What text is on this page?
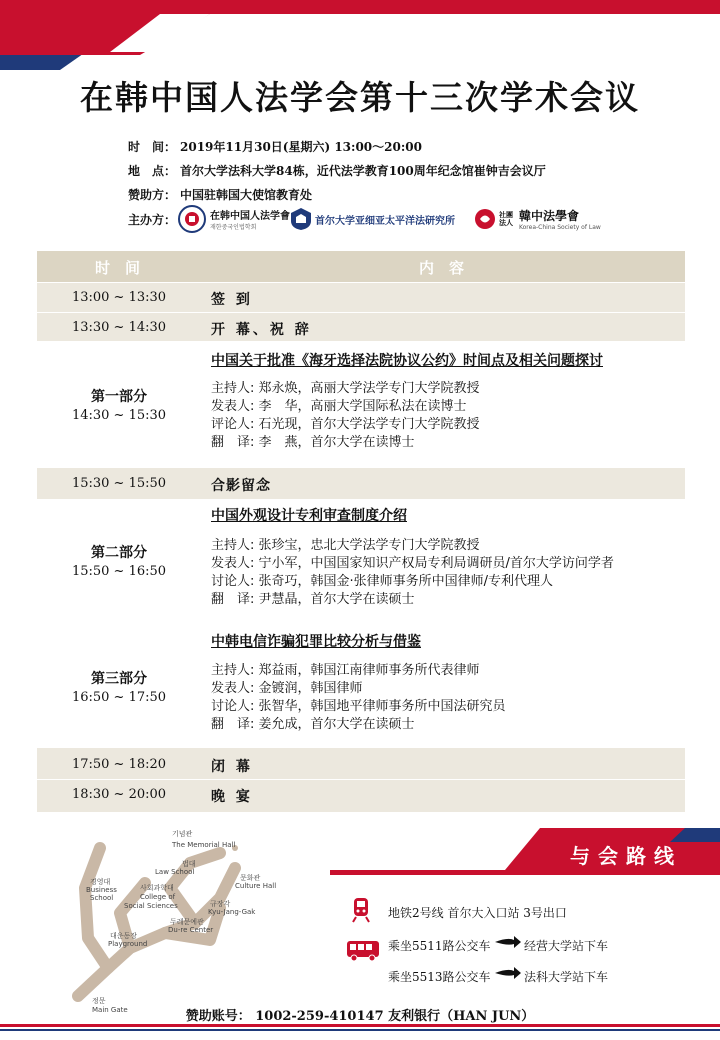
在韩中国人法学会第十三次学术会议
时　间： 2019年11月30日(星期六) 13:00～20:00
地　点： 首尔大学法科大学84栋，近代法学教育100周年纪念馆崔钟吉会议厅
赞助方： 中国驻韩国大使馆教育处
主办方：	在韩中国人法学會
재한중국인법학회
首尔大学亚细亚太平洋法研究所
社團法人 韓中法學會
Korea-China Society of Law
时　间	内　容
13:00 ~ 13:30	签 到
13:30 ~ 14:30	开 幕、祝 辞
中国关于批准《海牙选择法院协议公约》时间点及相关问题探讨
第一部分
14:30 ~ 15:30
主持人: 郑永焕，高丽大学法学专门大学院教授
发表人: 李　华，高丽大学国际私法在读博士
评论人: 石光现，首尔大学法学专门大学院教授
翻　译: 李　燕，首尔大学在读博士
15:30 ~ 15:50	合影留念
中国外观设计专利审查制度介绍
第二部分
15:50 ~ 16:50
主持人: 张珍宝，忠北大学法学专门大学院教授
发表人: 宁小军，中国国家知识产权局专利局调研员/首尔大学访问学者
讨论人: 张奇巧，韩国金·张律师事务所中国律师/专利代理人
翻　译: 尹慧晶，首尔大学在读硕士
中韩电信诈骗犯罪比较分析与借鉴
第三部分
16:50 ~ 17:50
主持人: 郑益雨，韩国江南律师事务所代表律师
发表人: 金镀润，韩国律师
讨论人: 张智华，韩国地平律师事务所中国法研究员
翻　译: 姜允成，首尔大学在读硕士
17:50 ~ 18:20	闭 幕
18:30 ~ 20:00	晚 宴
기념관
The Memorial Hall
법대
Law School
경영대
Business
School
사회과학대
College of
Social Sciences
문화관
Culture Hall
규장각
Kyu-Jang-Gak
두레문예관
Du-re Center
대운동장
Playground
정문
Main Gate
与会路线
地铁2号线 首尔大入口站 3号出口
乘坐5511路公交车	经营大学站下车
乘坐5513路公交车	法科大学站下车
赞助账号： 1002-259-410147 友利银行（HAN JUN）
